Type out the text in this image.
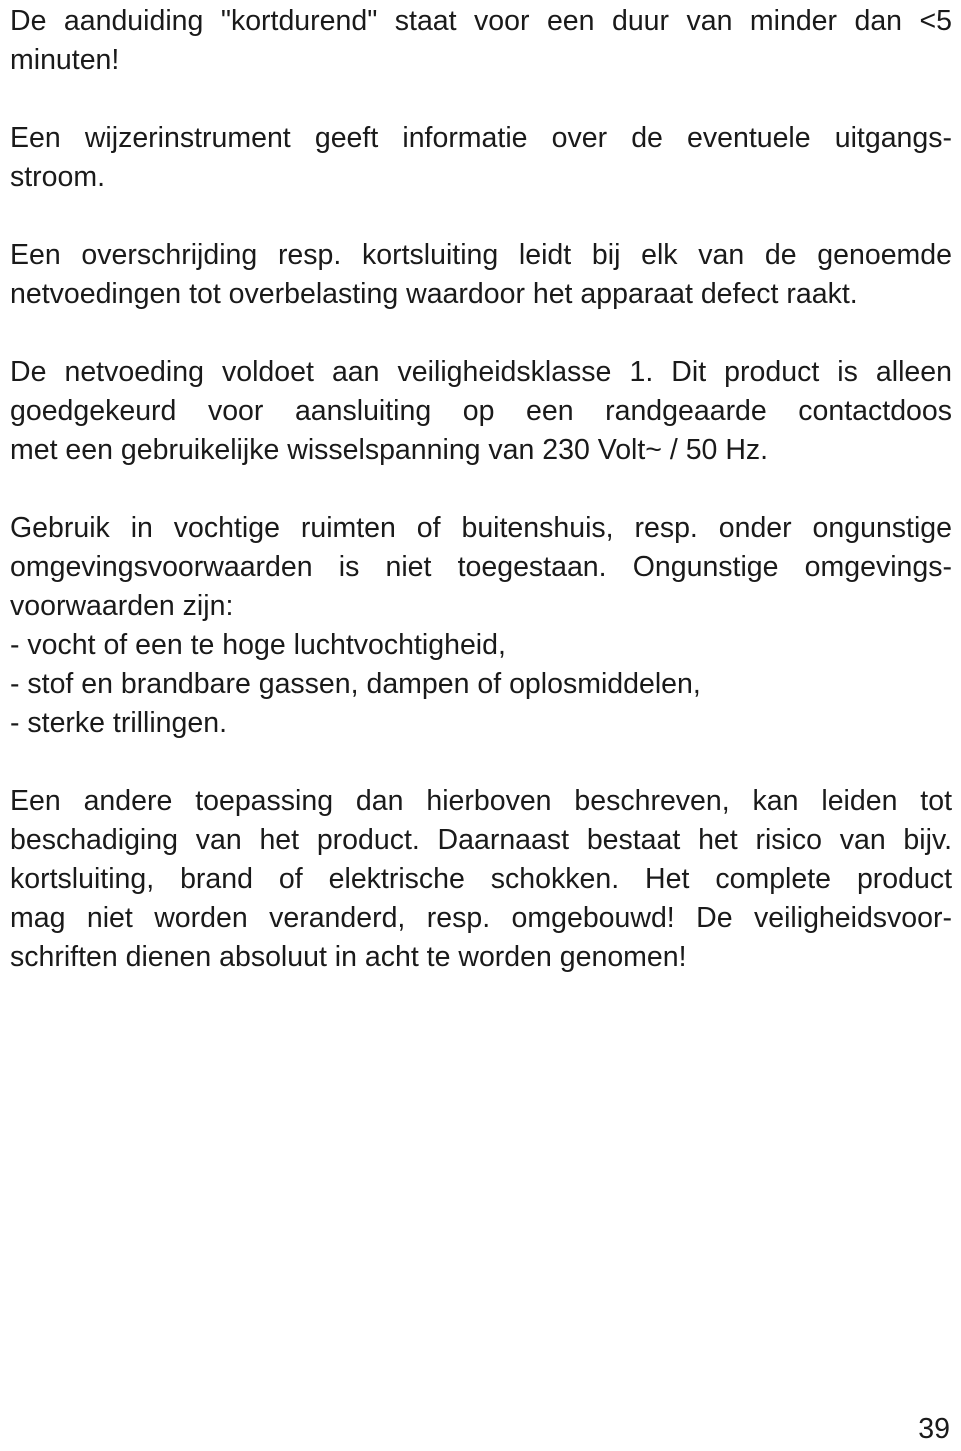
De aanduiding "kortdurend" staat voor een duur van minder dan <5
minuten!

Een wijzerinstrument geeft informatie over de eventuele uitgangs-
stroom.

Een overschrijding resp. kortsluiting leidt bij elk van de genoemde
netvoedingen tot overbelasting waardoor het apparaat defect raakt.

De netvoeding voldoet aan veiligheidsklasse 1. Dit product is alleen
goedgekeurd voor aansluiting op een randgeaarde contactdoos
met een gebruikelijke wisselspanning van 230 Volt~ / 50 Hz.

Gebruik in vochtige ruimten of buitenshuis, resp. onder ongunstige
omgevingsvoorwaarden is niet toegestaan. Ongunstige omgevings-
voorwaarden zijn:
- vocht of een te hoge luchtvochtigheid,
- stof en brandbare gassen, dampen of oplosmiddelen,
- sterke trillingen.

Een andere toepassing dan hierboven beschreven, kan leiden tot
beschadiging van het product. Daarnaast bestaat het risico van bijv.
kortsluiting, brand of elektrische schokken. Het complete product
mag niet worden veranderd, resp. omgebouwd! De veiligheidsvoor-
schriften dienen absoluut in acht te worden genomen!

39
